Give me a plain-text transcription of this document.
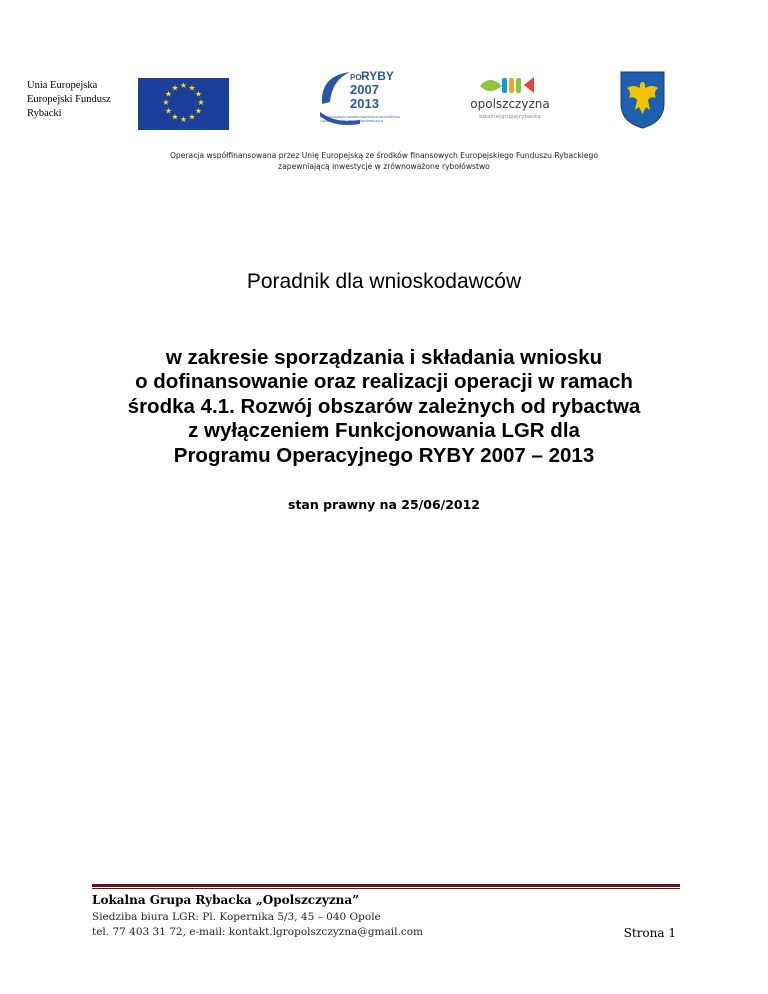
Unia Europejska
Europejski Fundusz
Rybacki
★ ★
★
★
★
★
★
★
★
★
★
★
PO RYBY
2007
2013
ZRÓWNOWAŻONY ROZWÓJ SEKTORA RYBOŁÓWSTWA
I NADBRZEŻNYCH OBSZARÓW RYBACKICH
opolszczyzna
lokalna|grupa|rybacka
Operacja współfinansowana przez Unię Europejską ze środków finansowych Europejskiego Funduszu Rybackiego
zapewniającą inwestycje w zrównoważone rybołówstwo
Poradnik dla wnioskodawców
w zakresie sporządzania i składania wniosku
o dofinansowanie oraz realizacji operacji w ramach
środka 4.1. Rozwój obszarów zależnych od rybactwa
z wyłączeniem Funkcjonowania LGR dla
Programu Operacyjnego RYBY 2007 – 2013
stan prawny na 25/06/2012
Lokalna Grupa Rybacka „Opolszczyzna”
Siedziba biura LGR: Pl. Kopernika 5/3, 45 – 040 Opole
tel. 77 403 31 72, e-mail: kontakt.lgropolszczyzna@gmail.com	Strona 1
